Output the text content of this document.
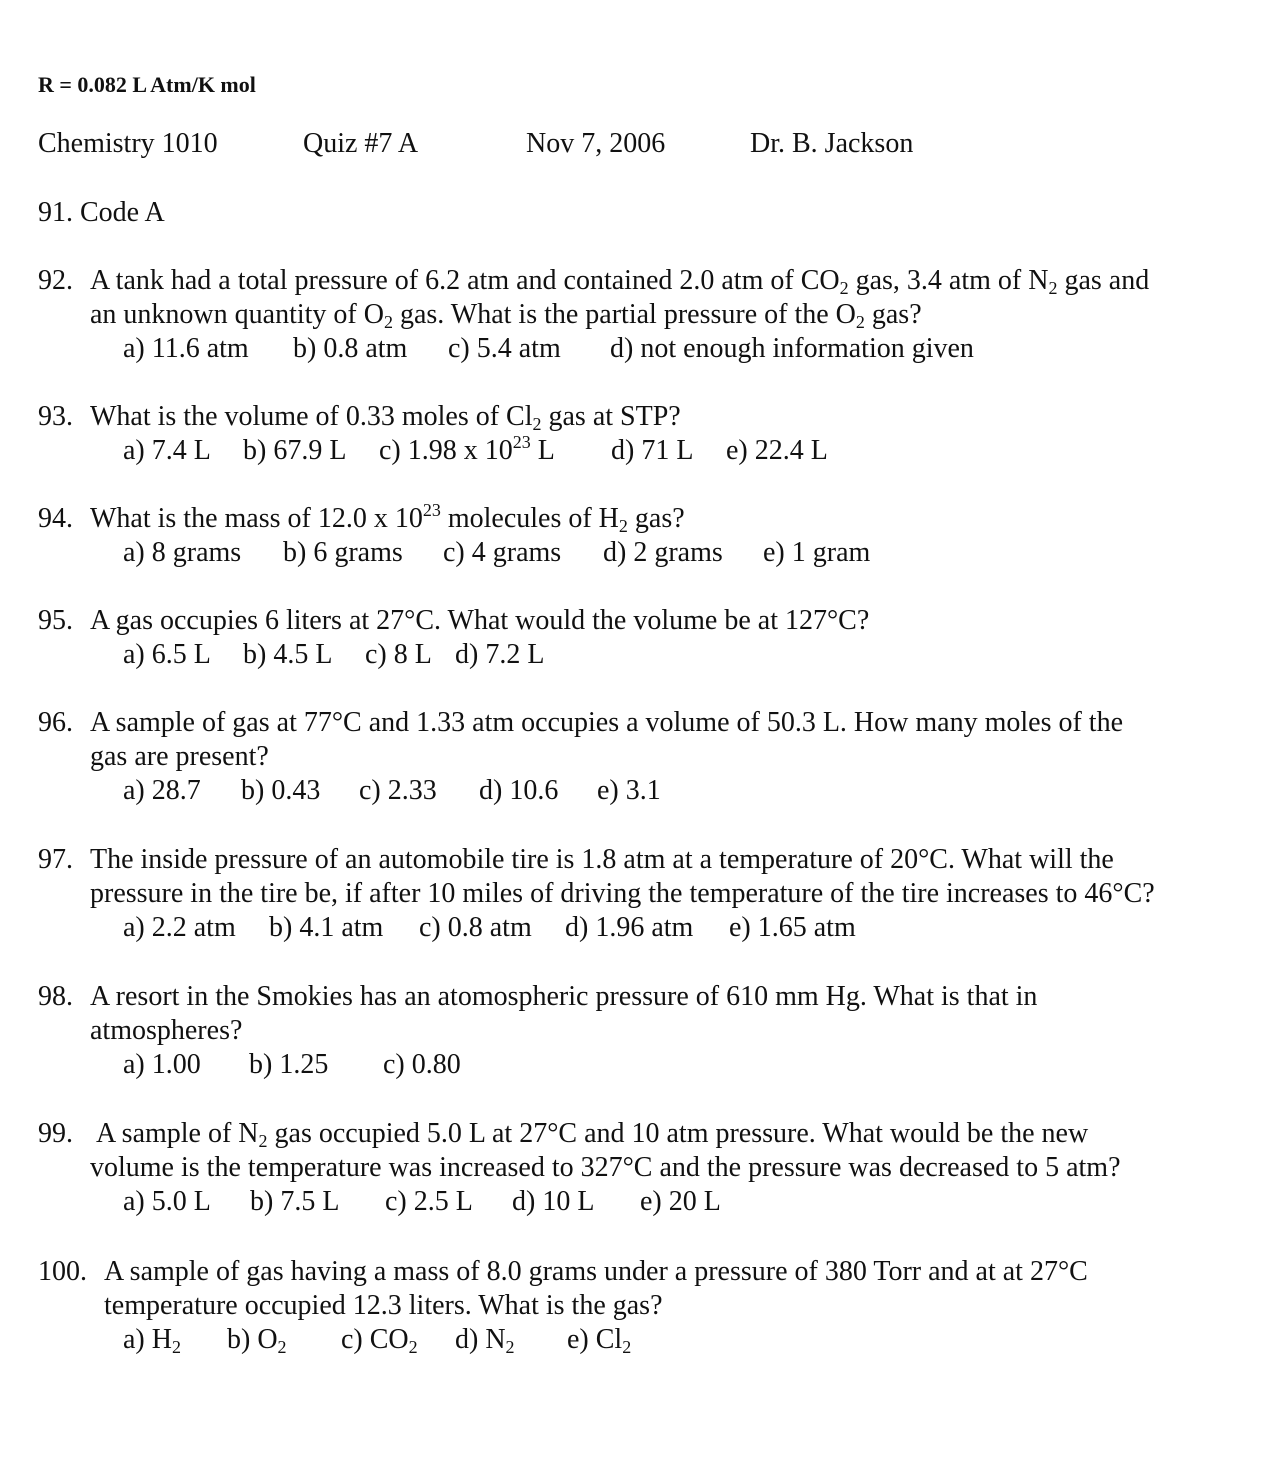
R = 0.082 L Atm/K mol
Chemistry 1010	Quiz #7 A	Nov 7, 2006	Dr. B. Jackson
91. Code A
92. A tank had a total pressure of 6.2 atm and contained 2.0 atm of $CO_2$ gas, 3.4 atm of $N_2$ gas and
an unknown quantity of $O_2$ gas. What is the partial pressure of the $O_2$ gas?
a) 11.6 atm b) 0.8 atm c) 5.4 atm d) not enough information given
93. What is the volume of 0.33 moles of $Cl_2$ gas at STP?
a) 7.4 L b) 67.9 L c) 1.98 x $10^{23}$ L d) 71 L e) 22.4 L
94. What is the mass of 12.0 x $10^{23}$ molecules of $H_2$ gas?
a) 8 grams b) 6 grams c) 4 grams d) 2 grams e) 1 gram
95. A gas occupies 6 liters at 27°C. What would the volume be at 127°C?
a) 6.5 L b) 4.5 L c) 8 L d) 7.2 L
96. A sample of gas at 77°C and 1.33 atm occupies a volume of 50.3 L. How many moles of the
gas are present?
a) 28.7 b) 0.43 c) 2.33 d) 10.6 e) 3.1
97. The inside pressure of an automobile tire is 1.8 atm at a temperature of 20°C. What will the
pressure in the tire be, if after 10 miles of driving the temperature of the tire increases to 46°C?
a) 2.2 atm b) 4.1 atm c) 0.8 atm d) 1.96 atm e) 1.65 atm
98. A resort in the Smokies has an atomospheric pressure of 610 mm Hg. What is that in
atmospheres?
a) 1.00 b) 1.25 c) 0.80
99. A sample of $N_2$ gas occupied 5.0 L at 27°C and 10 atm pressure. What would be the new
volume is the temperature was increased to 327°C and the pressure was decreased to 5 atm?
a) 5.0 L b) 7.5 L c) 2.5 L d) 10 L e) 20 L
100. A sample of gas having a mass of 8.0 grams under a pressure of 380 Torr and at at 27°C
temperature occupied 12.3 liters. What is the gas?
a) $H_2$ b) $O_2$ c) $CO_2$ d) $N_2$ e) $Cl_2$
